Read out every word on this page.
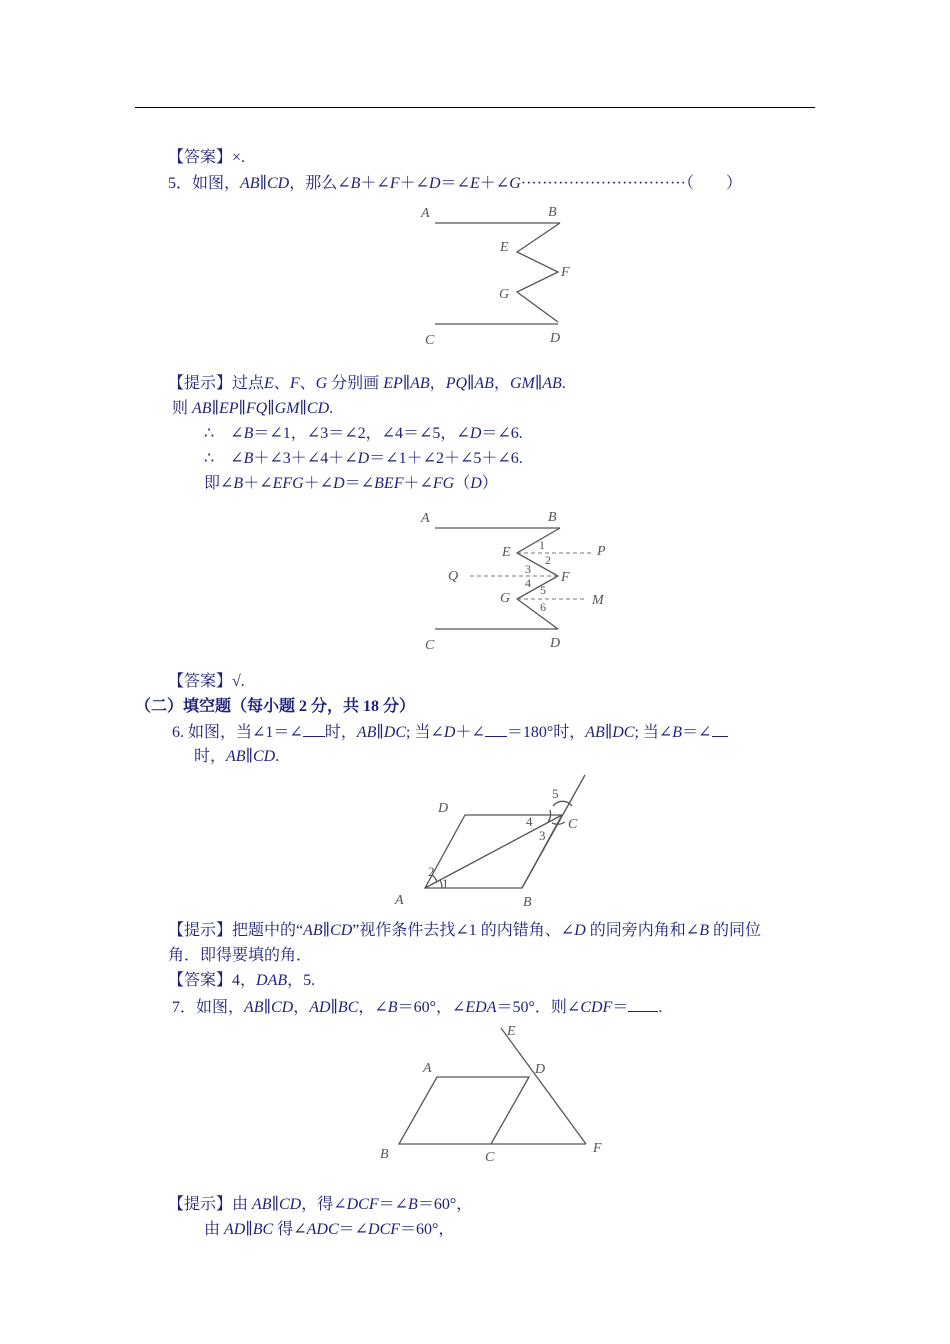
【答案】×.
5．如图，AB∥CD，那么∠B＋∠F＋∠D＝∠E＋∠G·······························（　　）
A	B
E
F
G
C	D
【提示】过点E、F、G 分别画 EP∥AB，PQ∥AB，GM∥AB.
则 AB∥EP∥FQ∥GM∥CD.
∴　∠B＝∠1，∠3＝∠2，∠4＝∠5，∠D＝∠6.
∴　∠B＋∠3＋∠4＋∠D＝∠1＋∠2＋∠5＋∠6.
即∠B＋∠EFG＋∠D＝∠BEF＋∠FG（D）
A	B
E	P
Q	F
G	M
C	D
1
2
3
4 5
6
【答案】√.
（二）填空题（每小题 2 分，共 18 分）
6. 如图，当∠1＝∠ 时，AB∥DC; 当∠D＋∠ ＝180°时，AB∥DC; 当∠B＝∠
时，AB∥CD.
D
5
4	C
3
2
A
1
B
【提示】把题中的“AB∥CD”视作条件去找∠1 的内错角、∠D 的同旁内角和∠B 的同位
角．即得要填的角．
【答案】4，DAB，5.
7．如图，AB∥CD，AD∥BC，∠B＝60°，∠EDA＝50°．则∠CDF＝ .
E
A	D
B	C
F
【提示】由 AB∥CD，得∠DCF＝∠B＝60°，
由 AD∥BC 得∠ADC＝∠DCF＝60°，
